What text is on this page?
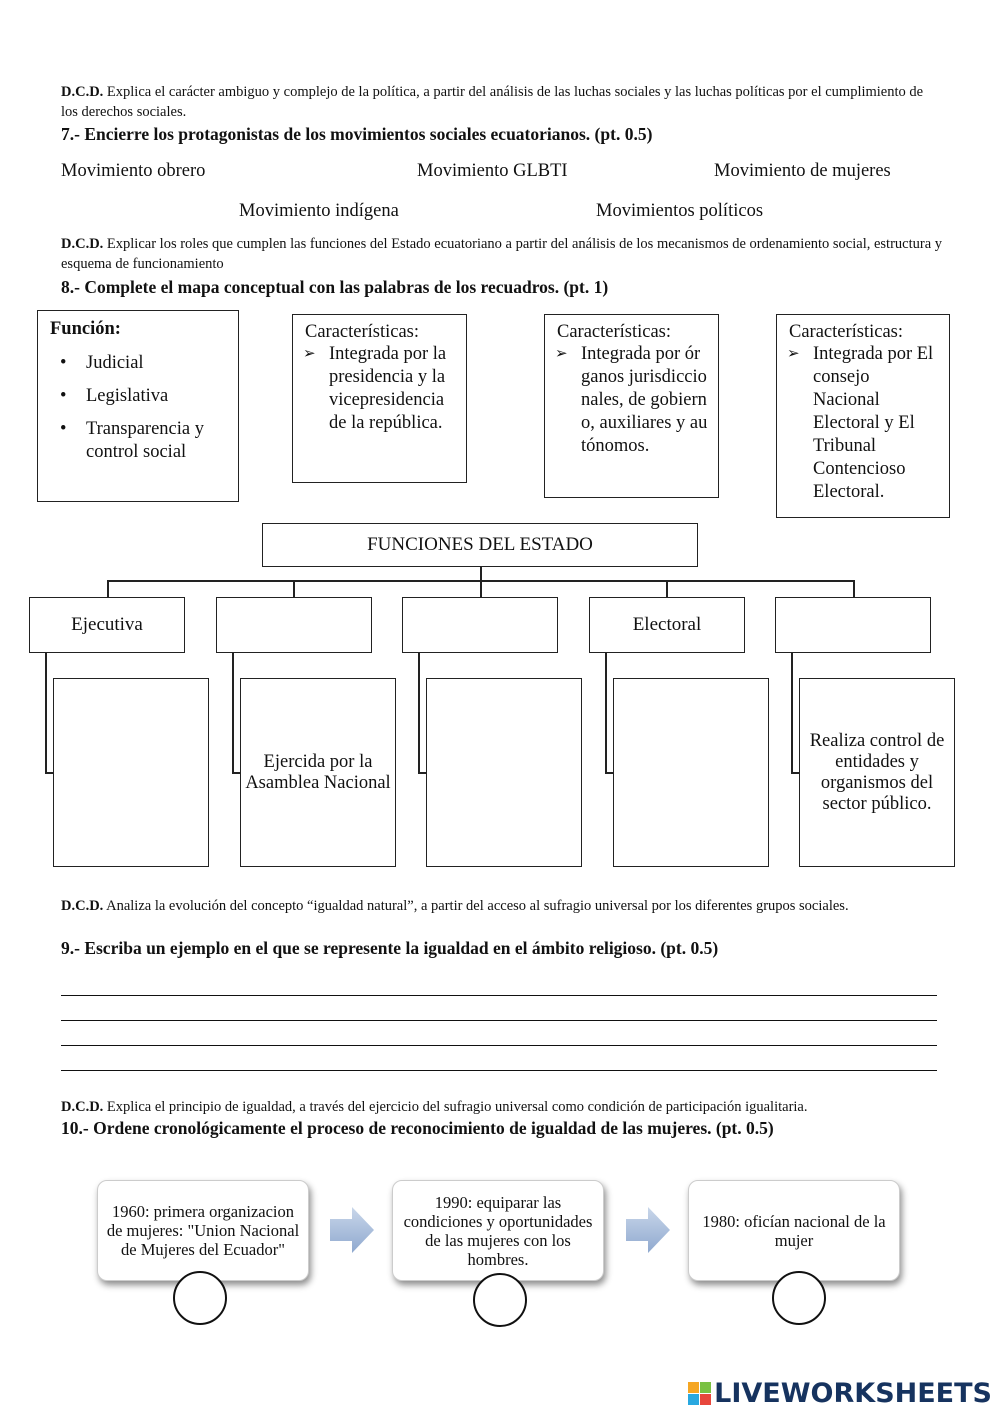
D.C.D. Explica el carácter ambiguo y complejo de la política, a partir del análisis de las luchas sociales y las luchas políticas por el cumplimiento de los derechos sociales.
7.- Encierre los protagonistas de los movimientos sociales ecuatorianos. (pt. 0.5)
Movimiento obrero	Movimiento GLBTI	Movimiento de mujeres
Movimiento indígena	Movimientos políticos
D.C.D. Explicar los roles que cumplen las funciones del Estado ecuatoriano a partir del análisis de los mecanismos de ordenamiento social, estructura y esquema de funcionamiento
8.- Complete el mapa conceptual con las palabras de los recuadros. (pt. 1)
Función:
• Judicial
• Legislativa
• Transparencia y control social
Características:
➢ Integrada por la presidencia y la vicepresidencia de la república.
Características:
➢ Integrada por órganos jurisdiccionales, de gobierno, auxiliares y autónomos.
Características:
➢ Integrada por El consejo Nacional Electoral y El Tribunal Contencioso Electoral.
FUNCIONES DEL ESTADO
Ejecutiva	Electoral
Ejercida por la Asamblea Nacional
Realiza control de entidades y organismos del sector público.
D.C.D. Analiza la evolución del concepto “igualdad natural”, a partir del acceso al sufragio universal por los diferentes grupos sociales.
9.- Escriba un ejemplo en el que se represente la igualdad en el ámbito religioso. (pt. 0.5)
D.C.D. Explica el principio de igualdad, a través del ejercicio del sufragio universal como condición de participación igualitaria.
10.- Ordene cronológicamente el proceso de reconocimiento de igualdad de las mujeres. (pt. 0.5)
1960: primera organizacion de mujeres: "Union Nacional de Mujeres del Ecuador"
1990: equiparar las condiciones y oportunidades de las mujeres con los hombres.
1980: oficían nacional de la mujer
LIVEWORKSHEETS
